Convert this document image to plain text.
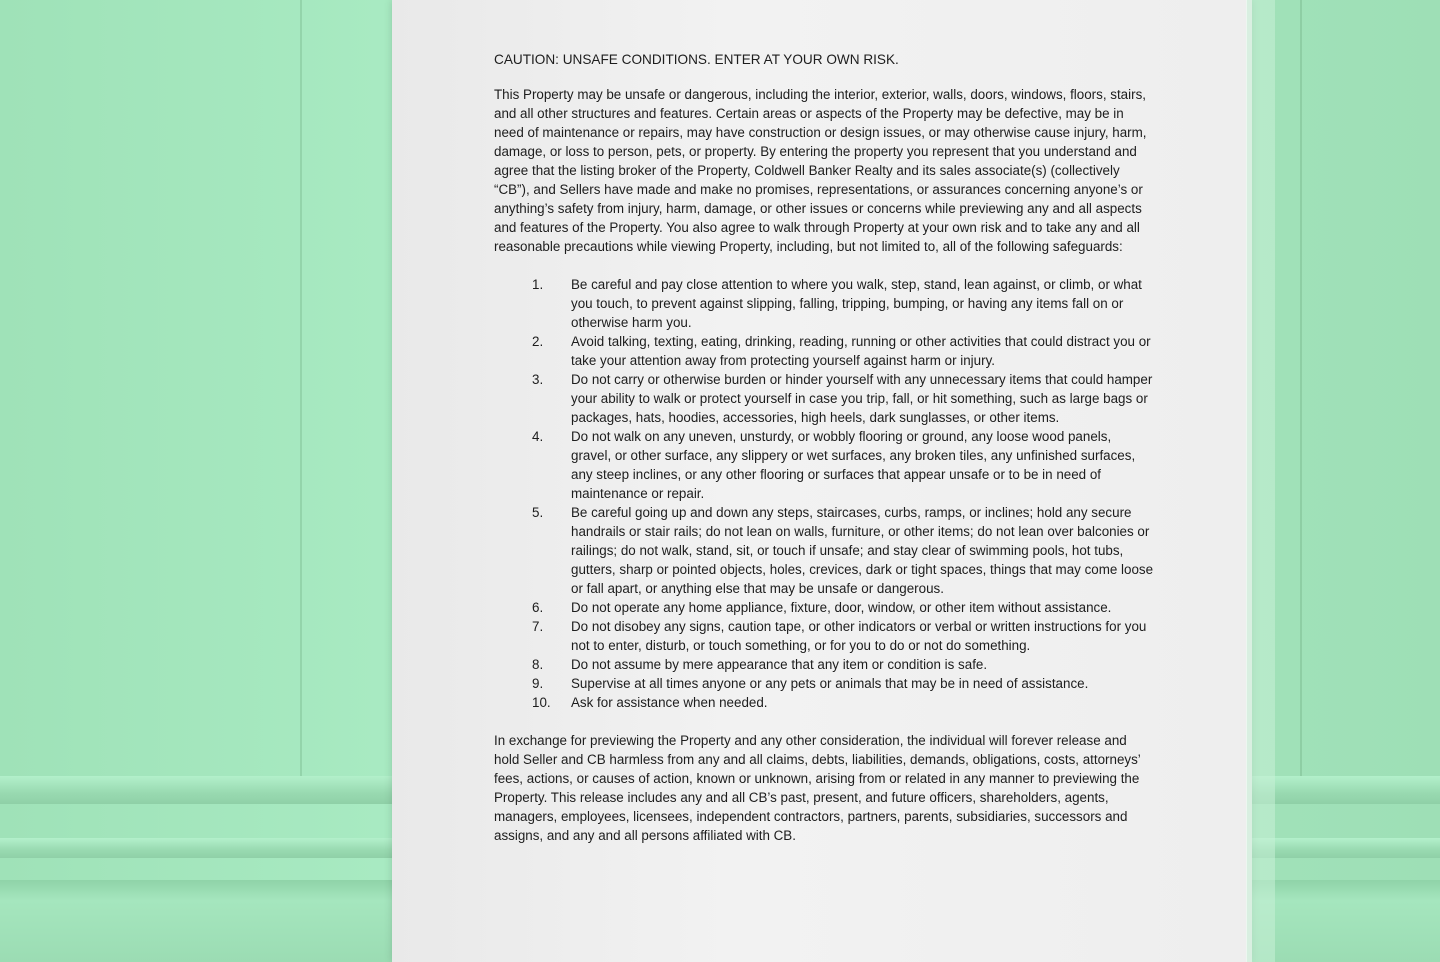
CAUTION: UNSAFE CONDITIONS. ENTER AT YOUR OWN RISK.

This Property may be unsafe or dangerous, including the interior, exterior, walls, doors, windows, floors, stairs, and all other structures and features. Certain areas or aspects of the Property may be defective, may be in need of maintenance or repairs, may have construction or design issues, or may otherwise cause injury, harm, damage, or loss to person, pets, or property. By entering the property you represent that you understand and agree that the listing broker of the Property, Coldwell Banker Realty and its sales associate(s) (collectively “CB”), and Sellers have made and make no promises, representations, or assurances concerning anyone’s or anything’s safety from injury, harm, damage, or other issues or concerns while previewing any and all aspects and features of the Property. You also agree to walk through Property at your own risk and to take any and all reasonable precautions while viewing Property, including, but not limited to, all of the following safeguards:

1. Be careful and pay close attention to where you walk, step, stand, lean against, or climb, or what you touch, to prevent against slipping, falling, tripping, bumping, or having any items fall on or otherwise harm you.
2. Avoid talking, texting, eating, drinking, reading, running or other activities that could distract you or take your attention away from protecting yourself against harm or injury.
3. Do not carry or otherwise burden or hinder yourself with any unnecessary items that could hamper your ability to walk or protect yourself in case you trip, fall, or hit something, such as large bags or packages, hats, hoodies, accessories, high heels, dark sunglasses, or other items.
4. Do not walk on any uneven, unsturdy, or wobbly flooring or ground, any loose wood panels, gravel, or other surface, any slippery or wet surfaces, any broken tiles, any unfinished surfaces, any steep inclines, or any other flooring or surfaces that appear unsafe or to be in need of maintenance or repair.
5. Be careful going up and down any steps, staircases, curbs, ramps, or inclines; hold any secure handrails or stair rails; do not lean on walls, furniture, or other items; do not lean over balconies or railings; do not walk, stand, sit, or touch if unsafe; and stay clear of swimming pools, hot tubs, gutters, sharp or pointed objects, holes, crevices, dark or tight spaces, things that may come loose or fall apart, or anything else that may be unsafe or dangerous.
6. Do not operate any home appliance, fixture, door, window, or other item without assistance.
7. Do not disobey any signs, caution tape, or other indicators or verbal or written instructions for you not to enter, disturb, or touch something, or for you to do or not do something.
8. Do not assume by mere appearance that any item or condition is safe.
9. Supervise at all times anyone or any pets or animals that may be in need of assistance.
10. Ask for assistance when needed.

In exchange for previewing the Property and any other consideration, the individual will forever release and hold Seller and CB harmless from any and all claims, debts, liabilities, demands, obligations, costs, attorneys’ fees, actions, or causes of action, known or unknown, arising from or related in any manner to previewing the Property. This release includes any and all CB’s past, present, and future officers, shareholders, agents, managers, employees, licensees, independent contractors, partners, parents, subsidiaries, successors and assigns, and any and all persons affiliated with CB.
